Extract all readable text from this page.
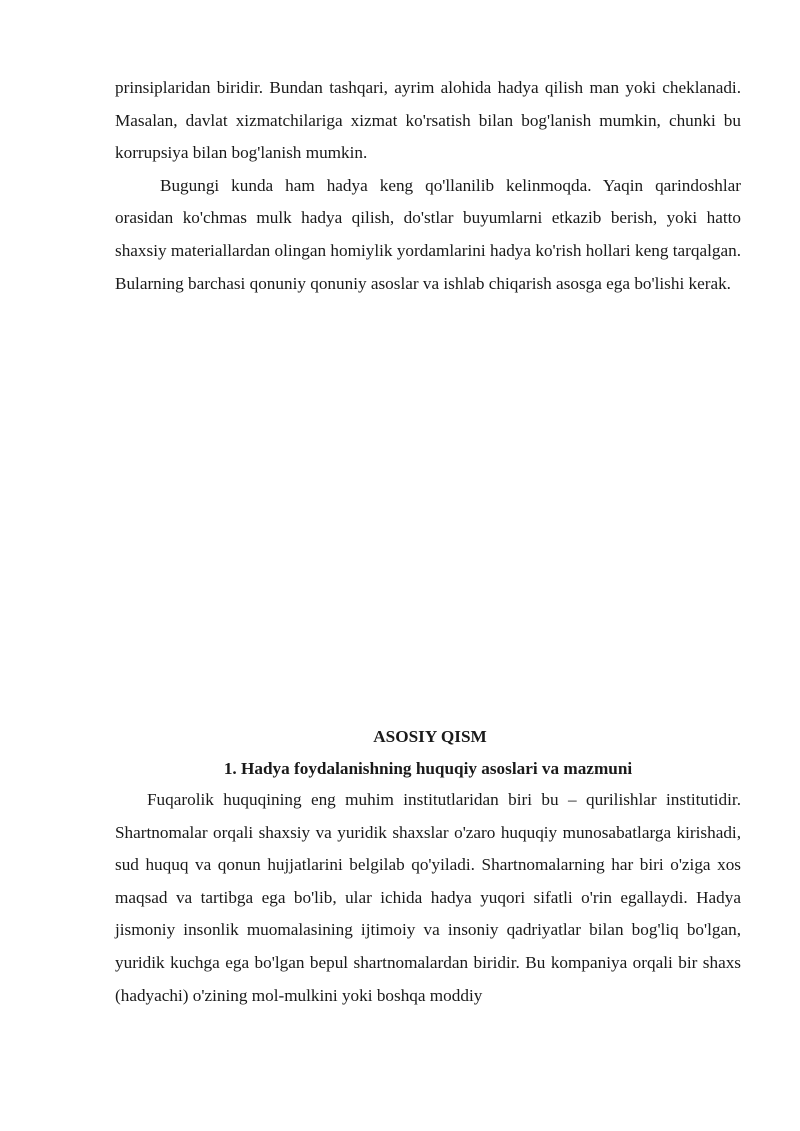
prinsiplaridan biridir. Bundan tashqari, ayrim alohida hadya qilish man yoki cheklanadi. Masalan, davlat xizmatchilariga xizmat ko'rsatish bilan bog'lanish mumkin, chunki bu korrupsiya bilan bog'lanish mumkin.

Bugungi kunda ham hadya keng qo'llanilib kelinmoqda. Yaqin qarindoshlar orasidan ko'chmas mulk hadya qilish, do'stlar buyumlarni etkazib berish, yoki hatto shaxsiy materiallardan olingan homiylik yordamlarini hadya ko'rish hollari keng tarqalgan. Bularning barchasi qonuniy qonuniy asoslar va ishlab chiqarish asosga ega bo'lishi kerak.

ASOSIY QISM
1. Hadya foydalanishning huquqiy asoslari va mazmuni

Fuqarolik huquqining eng muhim institutlaridan biri bu – qurilishlar institutidir. Shartnomalar orqali shaxsiy va yuridik shaxslar o'zaro huquqiy munosabatlarga kirishadi, sud huquq va qonun hujjatlarini belgilab qo'yiladi. Shartnomalarning har biri o'ziga xos maqsad va tartibga ega bo'lib, ular ichida hadya yuqori sifatli o'rin egallaydi. Hadya jismoniy insonlik muomalasining ijtimoiy va insoniy qadriyatlar bilan bog'liq bo'lgan, yuridik kuchga ega bo'lgan bepul shartnomalardan biridir. Bu kompaniya orqali bir shaxs (hadyachi) o'zining mol-mulkini yoki boshqa moddiy
